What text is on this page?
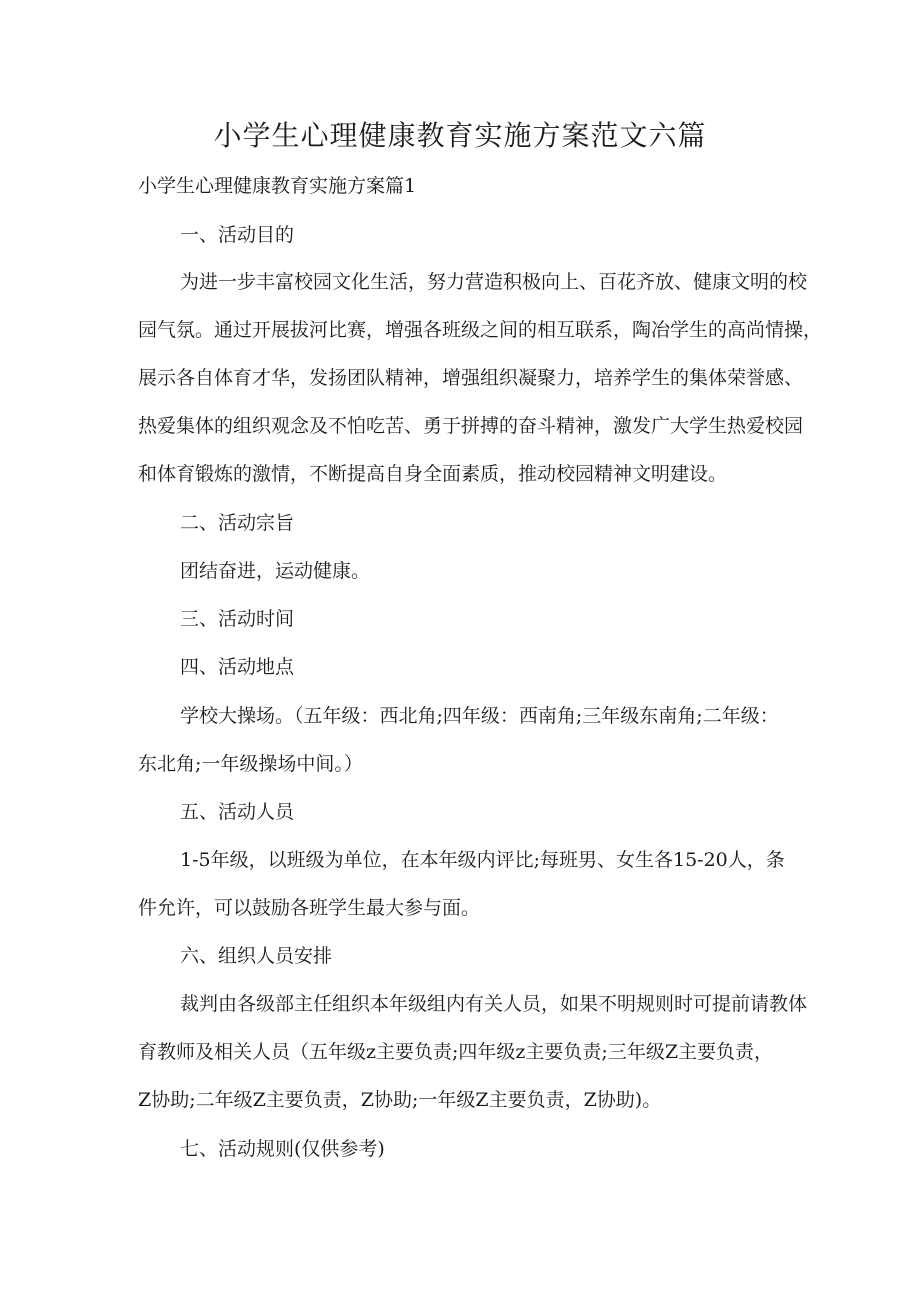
小学生心理健康教育实施方案范文六篇

小学生心理健康教育实施方案篇1

一、活动目的

为进一步丰富校园文化生活，努力营造积极向上、百花齐放、健康文明的校

园气氛。通过开展拔河比赛，增强各班级之间的相互联系，陶冶学生的高尚情操，

展示各自体育才华，发扬团队精神，增强组织凝聚力，培养学生的集体荣誉感、

热爱集体的组织观念及不怕吃苦、勇于拼搏的奋斗精神，激发广大学生热爱校园

和体育锻炼的激情，不断提高自身全面素质，推动校园精神文明建设。

二、活动宗旨

团结奋进，运动健康。

三、活动时间

四、活动地点

学校大操场。（五年级：西北角;四年级：西南角;三年级东南角;二年级：

东北角;一年级操场中间。）

五、活动人员

1-5年级，以班级为单位，在本年级内评比;每班男、女生各15-20人，条

件允许，可以鼓励各班学生最大参与面。

六、组织人员安排

裁判由各级部主任组织本年级组内有关人员，如果不明规则时可提前请教体

育教师及相关人员（五年级z主要负责;四年级z主要负责;三年级Z主要负责，

Z协助;二年级Z主要负责，Z协助;一年级Z主要负责，Z协助)。

七、活动规则(仅供参考)
